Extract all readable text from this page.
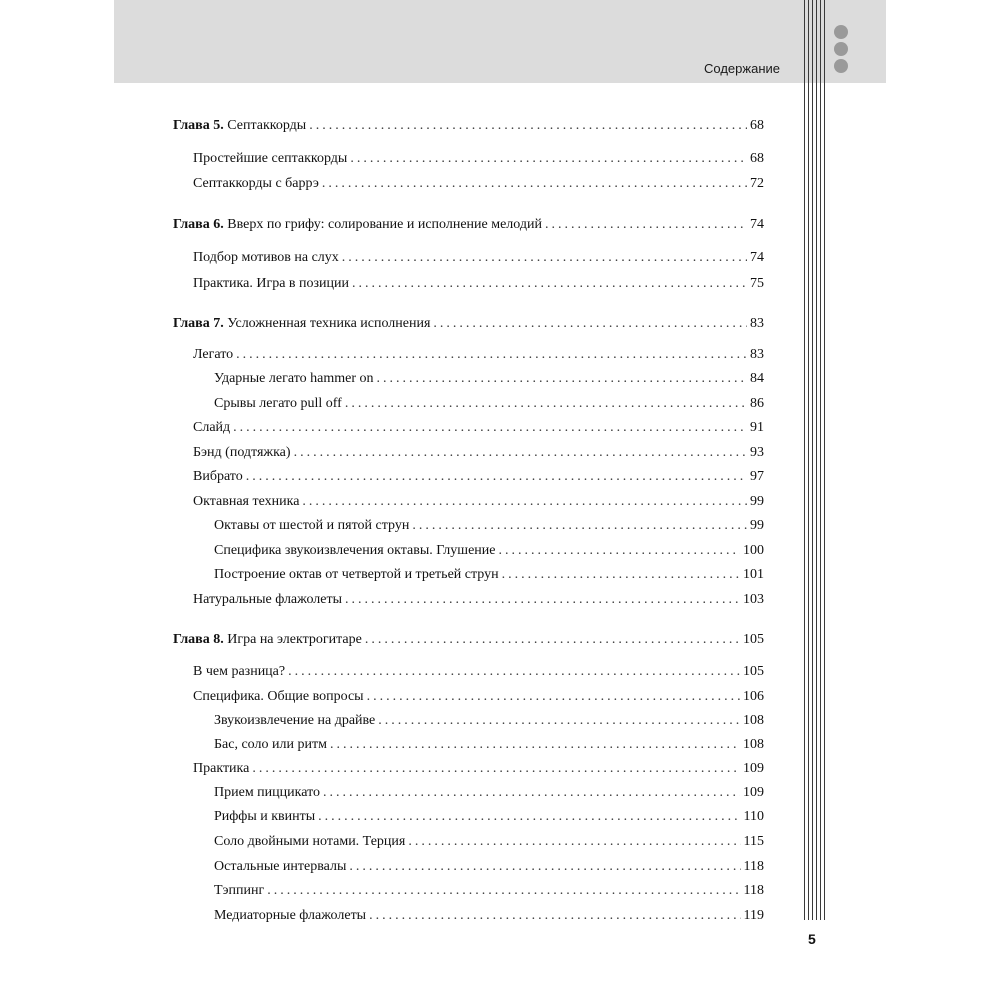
Содержание
Глава 5. Септаккорды .....	68
Простейшие септаккорды .....	68
Септаккорды с баррэ .....	72
Глава 6. Вверх по грифу: солирование и исполнение мелодий .....	74
Подбор мотивов на слух .....	74
Практика. Игра в позиции .....	75
Глава 7. Усложненная техника исполнения .....	83
Легато .....	83
Ударные легато hammer on .....	84
Срывы легато pull off .....	86
Слайд .....	91
Бэнд (подтяжка) .....	93
Вибрато .....	97
Октавная техника .....	99
Октавы от шестой и пятой струн .....	99
Специфика звукоизвлечения октавы. Глушение .....	100
Построение октав от четвертой и третьей струн .....	101
Натуральные флажолеты .....	103
Глава 8. Игра на электрогитаре .....	105
В чем разница? .....	105
Специфика. Общие вопросы .....	106
Звукоизвлечение на драйве .....	108
Бас, соло или ритм .....	108
Практика .....	109
Прием пиццикато .....	109
Риффы и квинты .....	110
Соло двойными нотами. Терция .....	115
Остальные интервалы .....	118
Тэппинг .....	118
Медиаторные флажолеты .....	119
5
